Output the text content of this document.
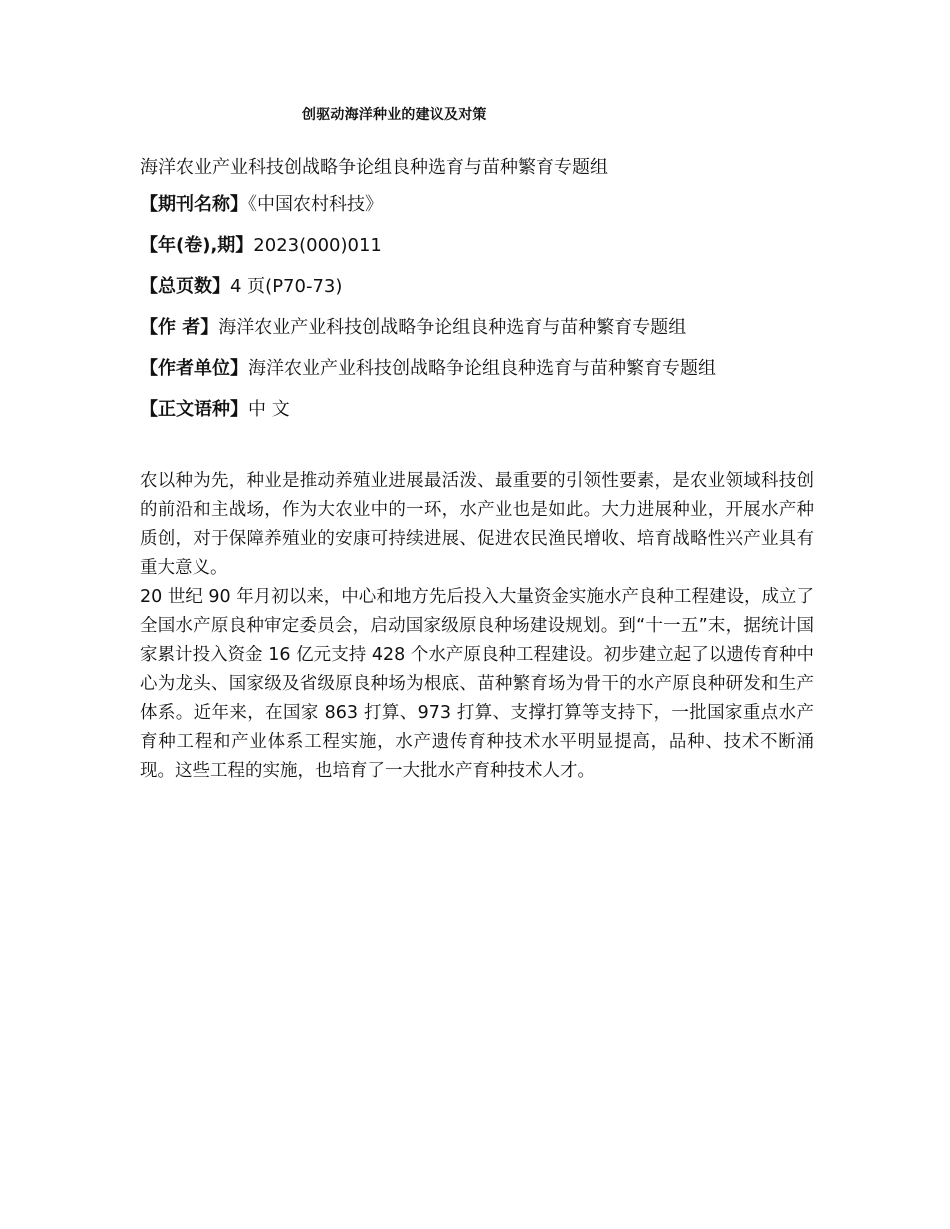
创驱动海洋种业的建议及对策
海洋农业产业科技创战略争论组良种选育与苗种繁育专题组
【期刊名称】《中国农村科技》
【年(卷),期】2023(000)011
【总页数】4 页(P70-73)
【作 者】海洋农业产业科技创战略争论组良种选育与苗种繁育专题组
【作者单位】海洋农业产业科技创战略争论组良种选育与苗种繁育专题组
【正文语种】中 文

农以种为先，种业是推动养殖业进展最活泼、最重要的引领性要素，是农业领域科技创的前沿和主战场，作为大农业中的一环，水产业也是如此。大力进展种业，开展水产种质创，对于保障养殖业的安康可持续进展、促进农民渔民增收、培育战略性兴产业具有重大意义。

20 世纪 90 年月初以来，中心和地方先后投入大量资金实施水产良种工程建设，成立了全国水产原良种审定委员会，启动国家级原良种场建设规划。到“十一五”末，据统计国家累计投入资金 16 亿元支持 428 个水产原良种工程建设。初步建立起了以遗传育种中心为龙头、国家级及省级原良种场为根底、苗种繁育场为骨干的水产原良种研发和生产体系。近年来，在国家 863 打算、973 打算、支撑打算等支持下，一批国家重点水产育种工程和产业体系工程实施，水产遗传育种技术水平明显提高，品种、技术不断涌现。这些工程的实施，也培育了一大批水产育种技术人才。
